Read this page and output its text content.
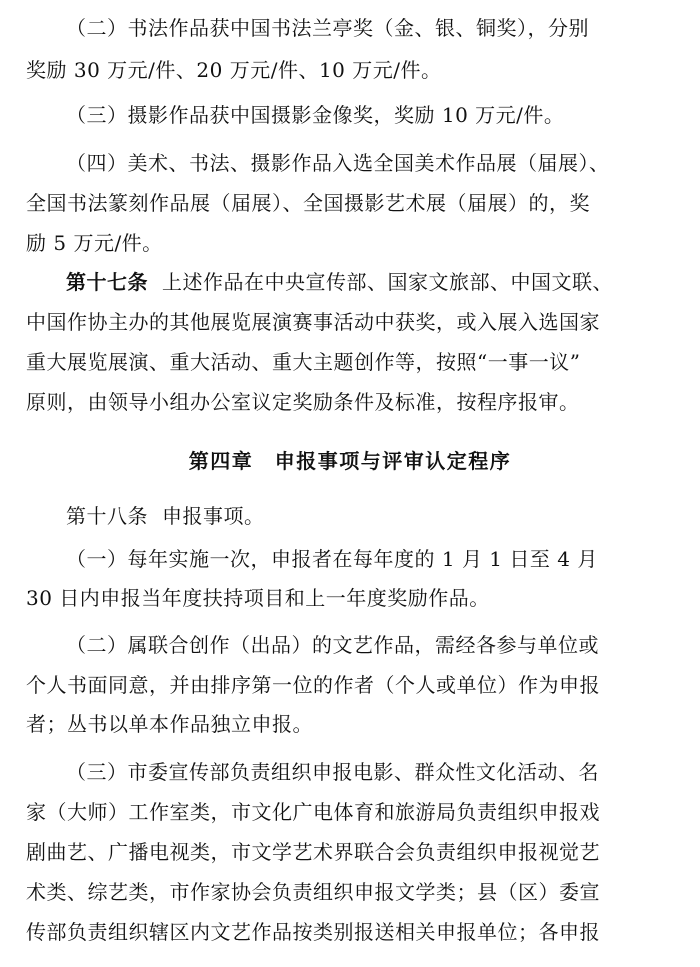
（二）书法作品获中国书法兰亭奖（金、银、铜奖），分别
奖励 30 万元/件、20 万元/件、10 万元/件。
（三）摄影作品获中国摄影金像奖，奖励 10 万元/件。
（四）美术、书法、摄影作品入选全国美术作品展（届展）、
全国书法篆刻作品展（届展）、全国摄影艺术展（届展）的，奖
励 5 万元/件。
第十七条 上述作品在中央宣传部、国家文旅部、中国文联、
中国作协主办的其他展览展演赛事活动中获奖，或入展入选国家
重大展览展演、重大活动、重大主题创作等，按照“一事一议”
原则，由领导小组办公室议定奖励条件及标准，按程序报审。
第四章　申报事项与评审认定程序
第十八条 申报事项。
（一）每年实施一次，申报者在每年度的 1 月 1 日至 4 月
30 日内申报当年度扶持项目和上一年度奖励作品。
（二）属联合创作（出品）的文艺作品，需经各参与单位或
个人书面同意，并由排序第一位的作者（个人或单位）作为申报
者；丛书以单本作品独立申报。
（三）市委宣传部负责组织申报电影、群众性文化活动、名
家（大师）工作室类，市文化广电体育和旅游局负责组织申报戏
剧曲艺、广播电视类，市文学艺术界联合会负责组织申报视觉艺
术类、综艺类，市作家协会负责组织申报文学类；县（区）委宣
传部负责组织辖区内文艺作品按类别报送相关申报单位；各申报
